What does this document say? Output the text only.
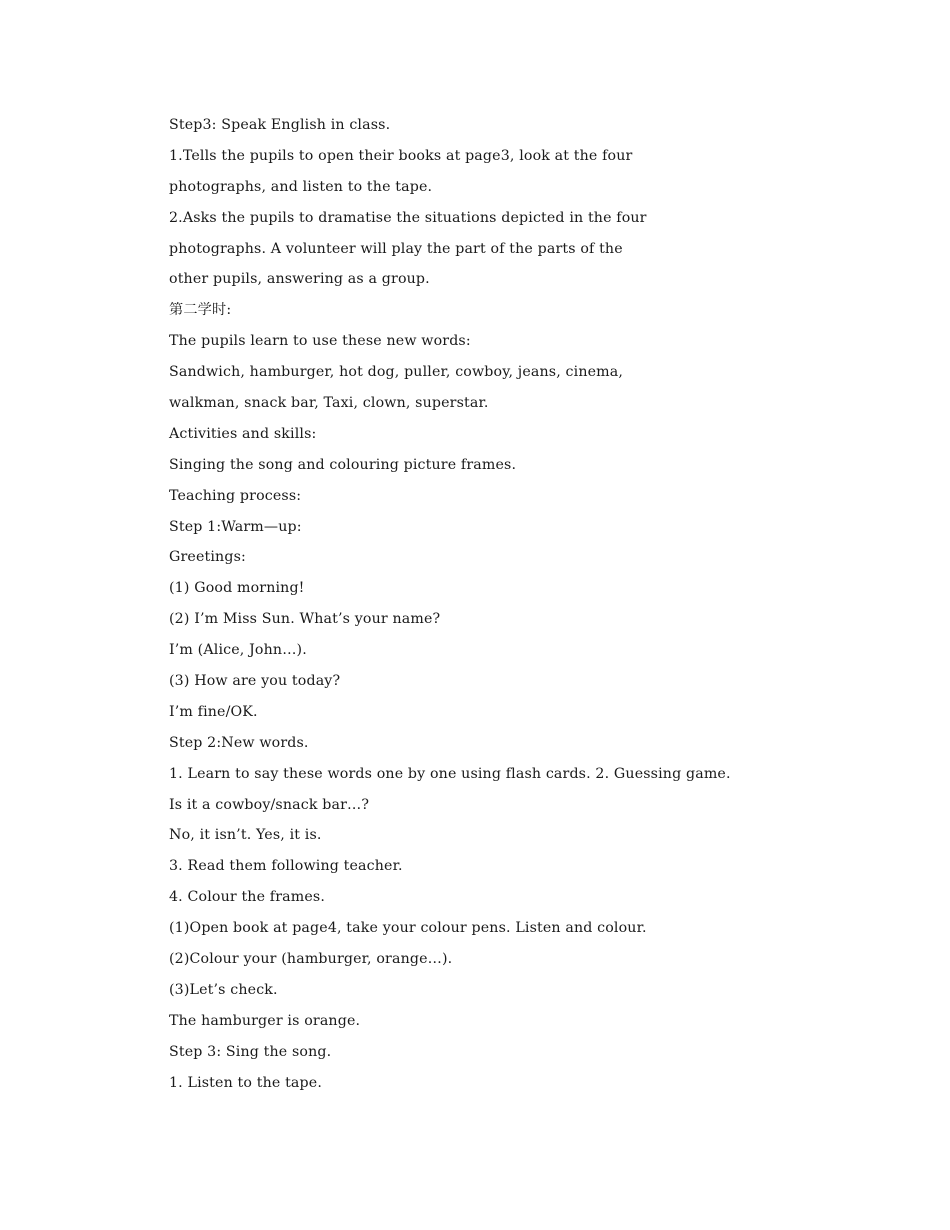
Step3: Speak English in class.
1.Tells the pupils to open their books at page3, look at the four
photographs, and listen to the tape.
2.Asks the pupils to dramatise the situations depicted in the four
photographs. A volunteer will play the part of the parts of the
other pupils, answering as a group.
第二学时:
The pupils learn to use these new words:
Sandwich, hamburger, hot dog, puller, cowboy, jeans, cinema,
walkman, snack bar, Taxi, clown, superstar.
Activities and skills:
Singing the song and colouring picture frames.
Teaching process:
Step 1:Warm—up:
Greetings:
(1) Good morning!
(2) I’m Miss Sun. What’s your name?
I’m (Alice, John…).
(3) How are you today?
I’m fine/OK.
Step 2:New words.
1. Learn to say these words one by one using flash cards. 2. Guessing game.
Is it a cowboy/snack bar…?
No, it isn’t. Yes, it is.
3. Read them following teacher.
4. Colour the frames.
(1)Open book at page4, take your colour pens. Listen and colour.
(2)Colour your (hamburger, orange…).
(3)Let’s check.
The hamburger is orange.
Step 3: Sing the song.
1. Listen to the tape.
